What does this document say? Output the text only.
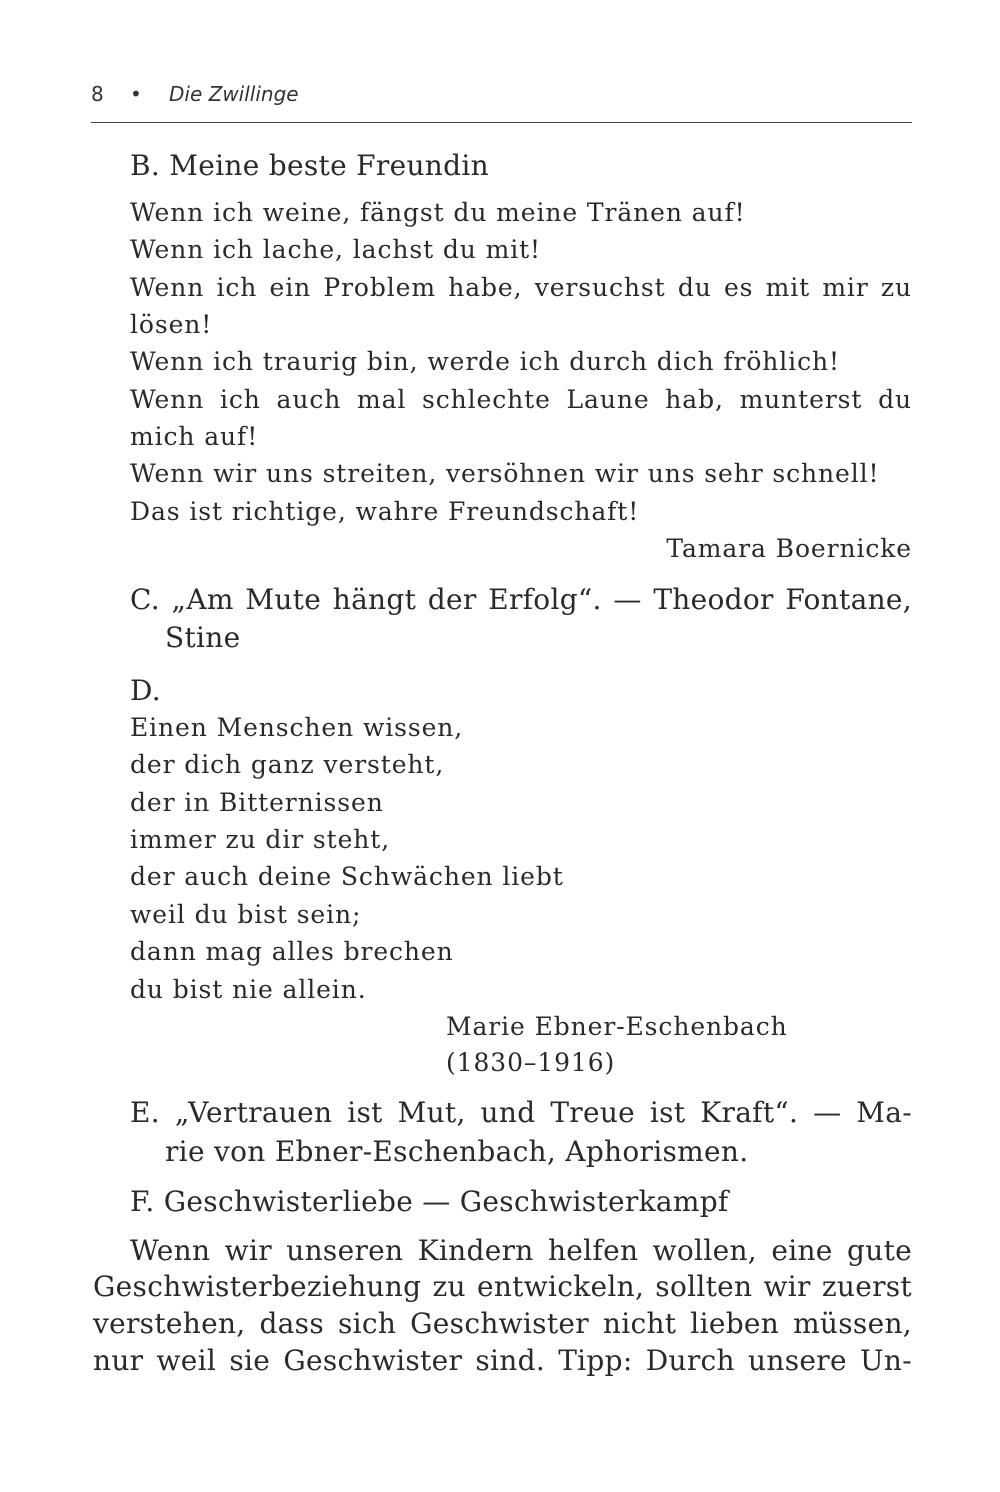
8 • Die Zwillinge
B. Meine beste Freundin
Wenn ich weine, fängst du meine Tränen auf!
Wenn ich lache, lachst du mit!
Wenn ich ein Problem habe, versuchst du es mit mir zu
lösen!
Wenn ich traurig bin, werde ich durch dich fröhlich!
Wenn ich auch mal schlechte Laune hab, munterst du
mich auf!
Wenn wir uns streiten, versöhnen wir uns sehr schnell!
Das ist richtige, wahre Freundschaft!
Tamara Boernicke
C. „Am Mute hängt der Erfolg“. — Theodor Fontane,
Stine
D.
Einen Menschen wissen,
der dich ganz versteht,
der in Bitternissen
immer zu dir steht,
der auch deine Schwächen liebt
weil du bist sein;
dann mag alles brechen
du bist nie allein.
Marie Ebner-Eschenbach
(1830–1916)
E. „Vertrauen ist Mut, und Treue ist Kraft“. — Ma-
rie von Ebner-Eschenbach, Aphorismen.
F. Geschwisterliebe — Geschwisterkampf
Wenn wir unseren Kindern helfen wollen, eine gute
Geschwisterbeziehung zu entwickeln, sollten wir zuerst
verstehen, dass sich Geschwister nicht lieben müssen,
nur weil sie Geschwister sind. Tipp: Durch unsere Un-
